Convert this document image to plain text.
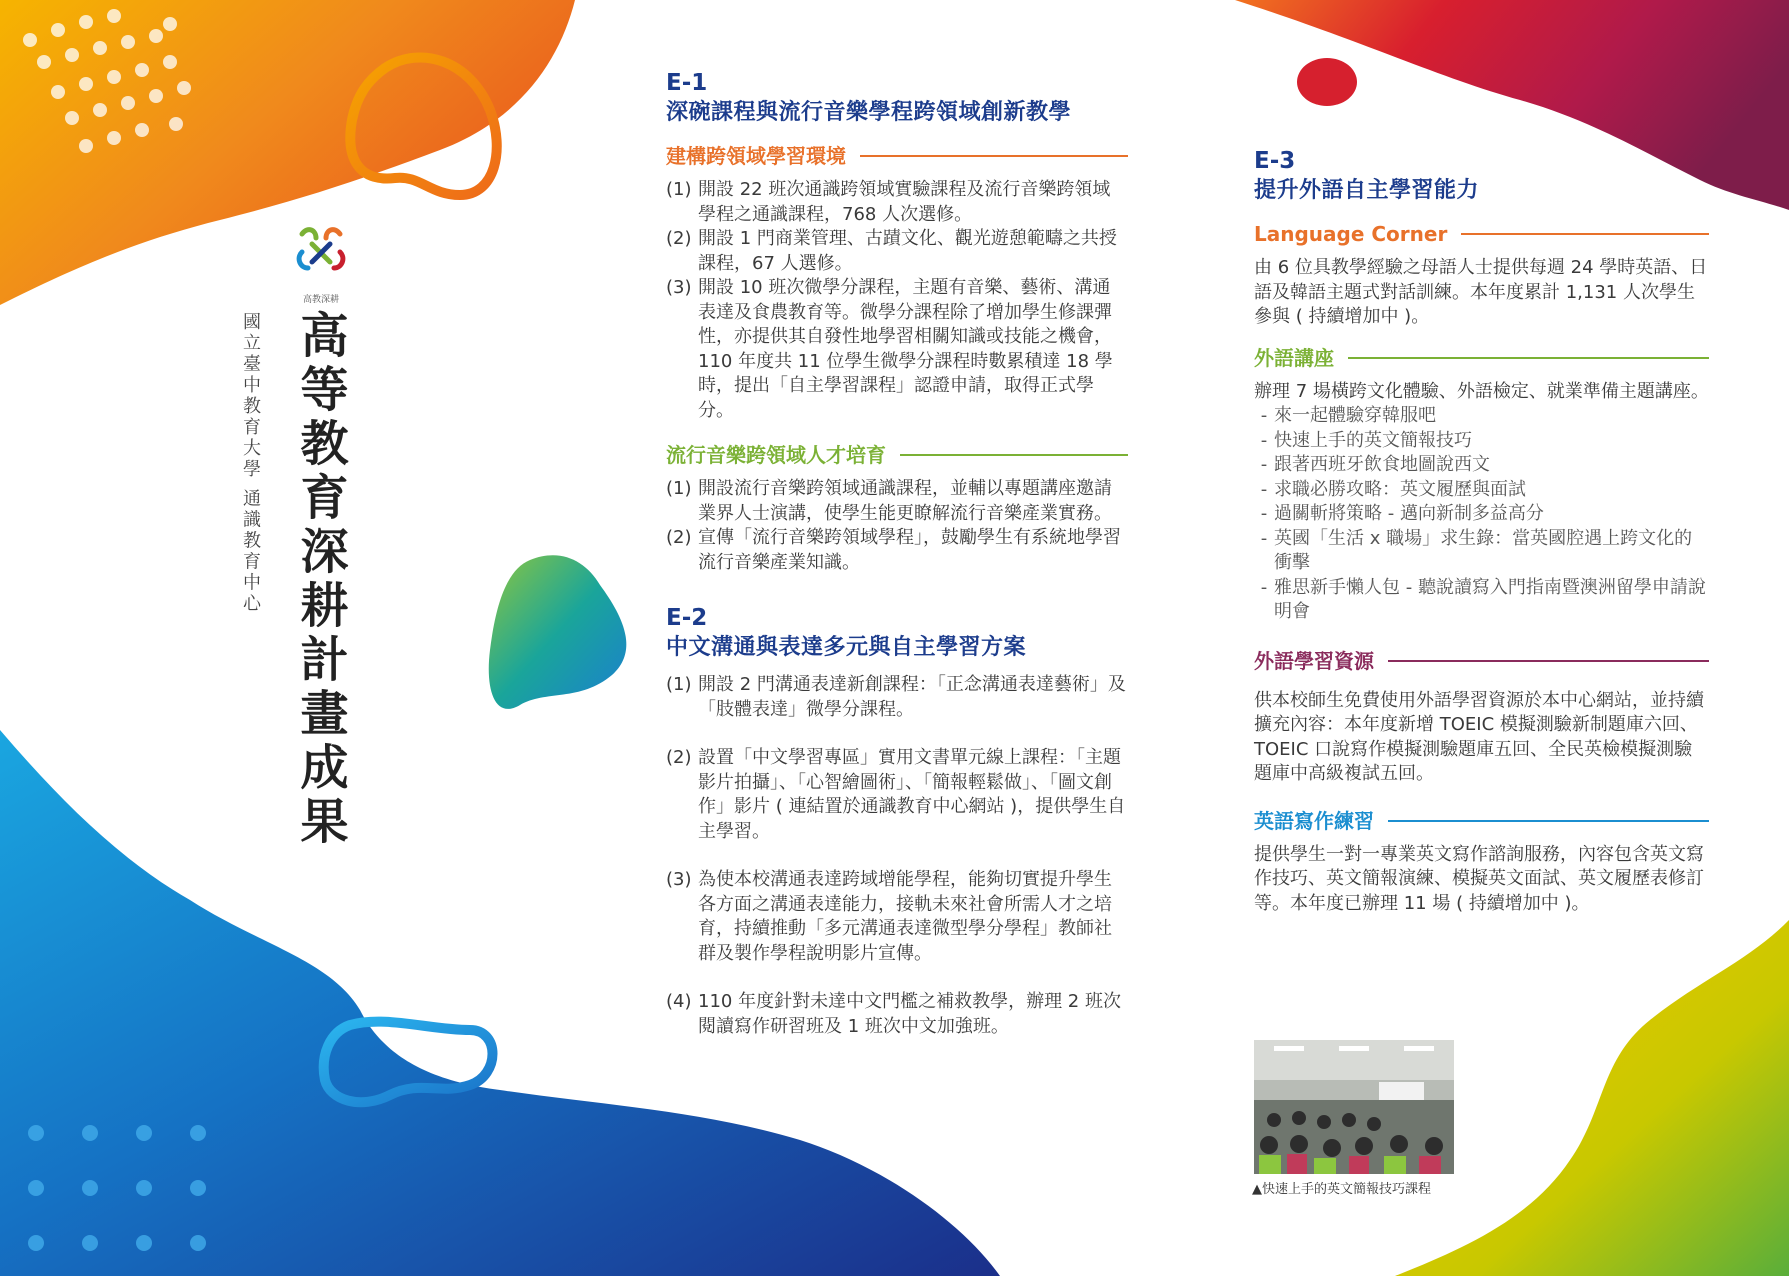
高教深耕
高等教育深耕計畫成果
國立臺中教育大學 通識教育中心
E-1
深碗課程與流行音樂學程跨領域創新教學
建構跨領域學習環境
(1) 開設 22 班次通識跨領域實驗課程及流行音樂跨領域學程之通識課程，768 人次選修。
(2) 開設 1 門商業管理、古蹟文化、觀光遊憩範疇之共授課程，67 人選修。
(3) 開設 10 班次微學分課程，主題有音樂、藝術、溝通表達及食農教育等。微學分課程除了增加學生修課彈性，亦提供其自發性地學習相關知識或技能之機會，110 年度共 11 位學生微學分課程時數累積達 18 學時，提出「自主學習課程」認證申請，取得正式學分。
流行音樂跨領域人才培育
(1) 開設流行音樂跨領域通識課程，並輔以專題講座邀請業界人士演講，使學生能更瞭解流行音樂產業實務。
(2) 宣傳「流行音樂跨領域學程」，鼓勵學生有系統地學習流行音樂產業知識。
E-2
中文溝通與表達多元與自主學習方案
(1) 開設 2 門溝通表達新創課程：「正念溝通表達藝術」及「肢體表達」微學分課程。
(2) 設置「中文學習專區」實用文書單元線上課程：「主題影片拍攝」、「心智繪圖術」、「簡報輕鬆做」、「圖文創作」影片 ( 連結置於通識教育中心網站 )，提供學生自主學習。
(3) 為使本校溝通表達跨域增能學程，能夠切實提升學生各方面之溝通表達能力，接軌未來社會所需人才之培育，持續推動「多元溝通表達微型學分學程」教師社群及製作學程說明影片宣傳。
(4) 110 年度針對未達中文門檻之補救教學，辦理 2 班次閱讀寫作研習班及 1 班次中文加強班。
E-3
提升外語自主學習能力
Language Corner
由 6 位具教學經驗之母語人士提供每週 24 學時英語、日語及韓語主題式對話訓練。本年度累計 1,131 人次學生參與 ( 持續增加中 )。
外語講座
辦理 7 場橫跨文化體驗、外語檢定、就業準備主題講座。
- 來一起體驗穿韓服吧
- 快速上手的英文簡報技巧
- 跟著西班牙飲食地圖說西文
- 求職必勝攻略：英文履歷與面試
- 過關斬將策略 - 邁向新制多益高分
- 英國「生活 x 職場」求生錄：當英國腔遇上跨文化的衝擊
- 雅思新手懶人包 - 聽說讀寫入門指南暨澳洲留學申請說明會
外語學習資源
供本校師生免費使用外語學習資源於本中心網站，並持續擴充內容：本年度新增 TOEIC 模擬測驗新制題庫六回、TOEIC 口說寫作模擬測驗題庫五回、全民英檢模擬測驗題庫中高級複試五回。
英語寫作練習
提供學生一對一專業英文寫作諮詢服務，內容包含英文寫作技巧、英文簡報演練、模擬英文面試、英文履歷表修訂等。本年度已辦理 11 場 ( 持續增加中 )。
▲快速上手的英文簡報技巧課程
